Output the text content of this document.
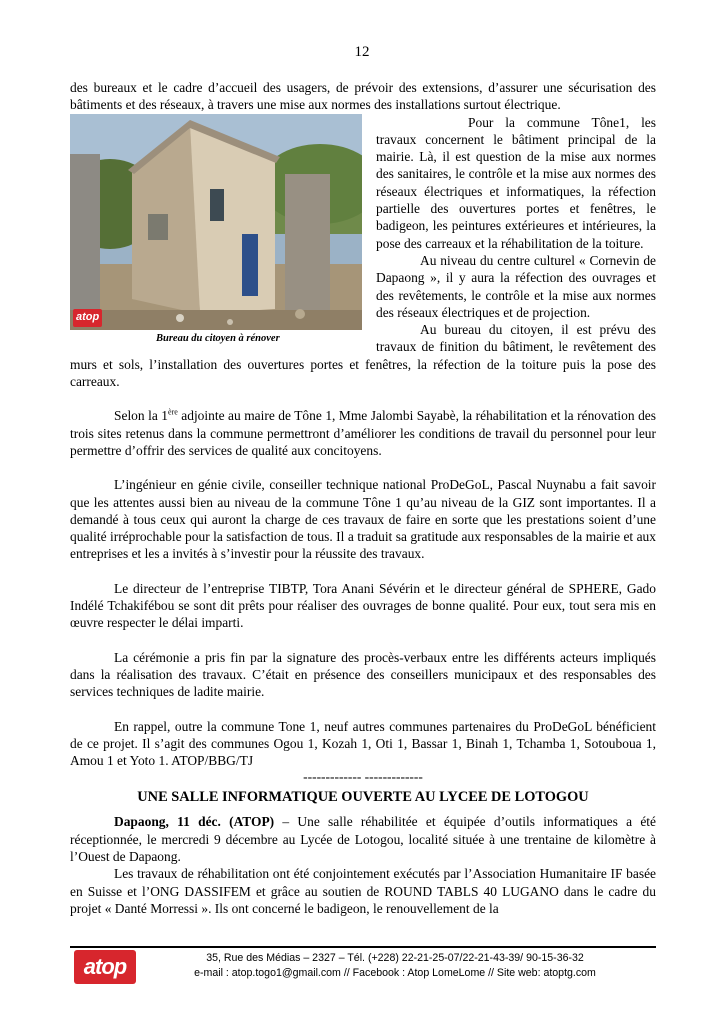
12

des bureaux et le cadre d’accueil des usagers, de prévoir des extensions, d’assurer une sécurisation des bâtiments et des réseaux, à travers une mise aux normes des installations surtout électrique.

atop
Bureau du citoyen à rénover

Pour la commune Tône1, les travaux concernent le bâtiment principal de la mairie. Là, il est question de la mise aux normes des sanitaires, le contrôle et la mise aux normes des réseaux électriques et informatiques, la réfection partielle des ouvertures portes et fenêtres, le badigeon, les peintures extérieures et intérieures, la pose des carreaux et la réhabilitation de la toiture.

Au niveau du centre culturel « Cornevin de Dapaong », il y aura la réfection des ouvrages et des revêtements, le contrôle et la mise aux normes des réseaux électriques et de projection.

Au bureau du citoyen, il est prévu des travaux de finition du bâtiment, le revêtement des murs et sols, l’installation des ouvertures portes et fenêtres, la réfection de la toiture puis la pose des carreaux.

Selon la 1ère adjointe au maire de Tône 1, Mme Jalombi Sayabè, la réhabilitation et la rénovation des trois sites retenus dans la commune permettront d’améliorer les conditions de travail du personnel pour leur permettre d’offrir des services de qualité aux concitoyens.

L’ingénieur en génie civile, conseiller technique national ProDeGoL, Pascal Nuynabu a fait savoir que les attentes aussi bien au niveau de la commune Tône 1 qu’au niveau de la GIZ sont importantes. Il a demandé à tous ceux qui auront la charge de ces travaux de faire en sorte que les prestations soient d’une qualité irréprochable pour la satisfaction de tous. Il a traduit sa gratitude aux responsables de la mairie et aux entreprises et les a invités à s’investir pour la réussite des travaux.

Le directeur de l’entreprise TIBTP, Tora Anani Sévérin et le directeur général de SPHERE, Gado Indélé Tchakifébou se sont dit prêts pour réaliser des ouvrages de bonne qualité. Pour eux, tout sera mis en œuvre respecter le délai imparti.

La cérémonie a pris fin par la signature des procès-verbaux entre les différents acteurs impliqués dans la réalisation des travaux. C’était en présence des conseillers municipaux et des responsables des services techniques de ladite mairie.

En rappel, outre la commune Tone 1, neuf autres communes partenaires du ProDeGoL bénéficient de ce projet. Il s’agit des communes Ogou 1, Kozah 1, Oti 1, Bassar 1, Binah 1, Tchamba 1, Sotouboua 1, Amou 1 et Yoto 1. ATOP/BBG/TJ

------------- -------------
UNE SALLE INFORMATIQUE OUVERTE AU LYCEE DE LOTOGOU

Dapaong, 11 déc. (ATOP) – Une salle réhabilitée et équipée d’outils informatiques a été réceptionnée, le mercredi 9 décembre au Lycée de Lotogou, localité située à une trentaine de kilomètre à l’Ouest de Dapaong.

Les travaux de réhabilitation ont été conjointement exécutés par l’Association Humanitaire IF basée en Suisse et l’ONG DASSIFEM et grâce au soutien de ROUND TABLS 40 LUGANO dans le cadre du projet « Danté Morressi ». Ils ont concerné le badigeon, le renouvellement de la

atop	35, Rue des Médias – 2327 – Tél. (+228) 22-21-25-07/22-21-43-39/ 90-15-36-32
e-mail : atop.togo1@gmail.com // Facebook : Atop LomeLome // Site web: atoptg.com
